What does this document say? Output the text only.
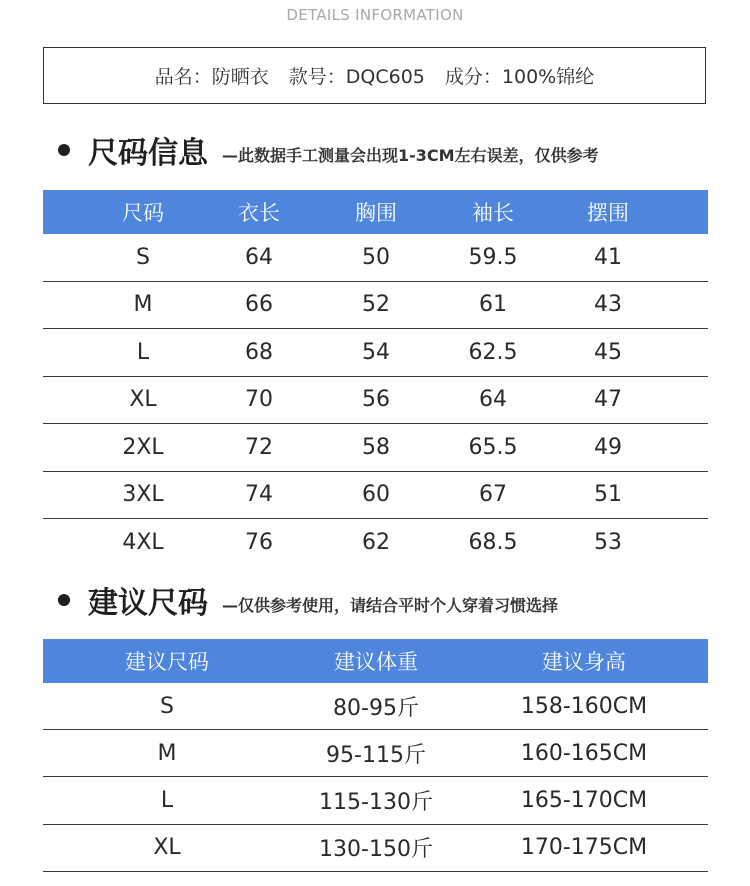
DETAILS INFORMATION
品名：防晒衣 款号：DQC605 成分：100%锦纶
尺码信息 —此数据手工测量会出现1-3CM左右误差，仅供参考
尺码	衣长	胸围	袖长	摆围
S	64	50	59.5	41
M	66	52	61	43
L	68	54	62.5	45
XL	70	56	64	47
2XL	72	58	65.5	49
3XL	74	60	67	51
4XL	76	62	68.5	53
建议尺码 —仅供参考使用，请结合平时个人穿着习惯选择
建议尺码	建议体重	建议身高
S	80-95斤	158-160CM
M	95-115斤	160-165CM
L	115-130斤	165-170CM
XL	130-150斤	170-175CM
